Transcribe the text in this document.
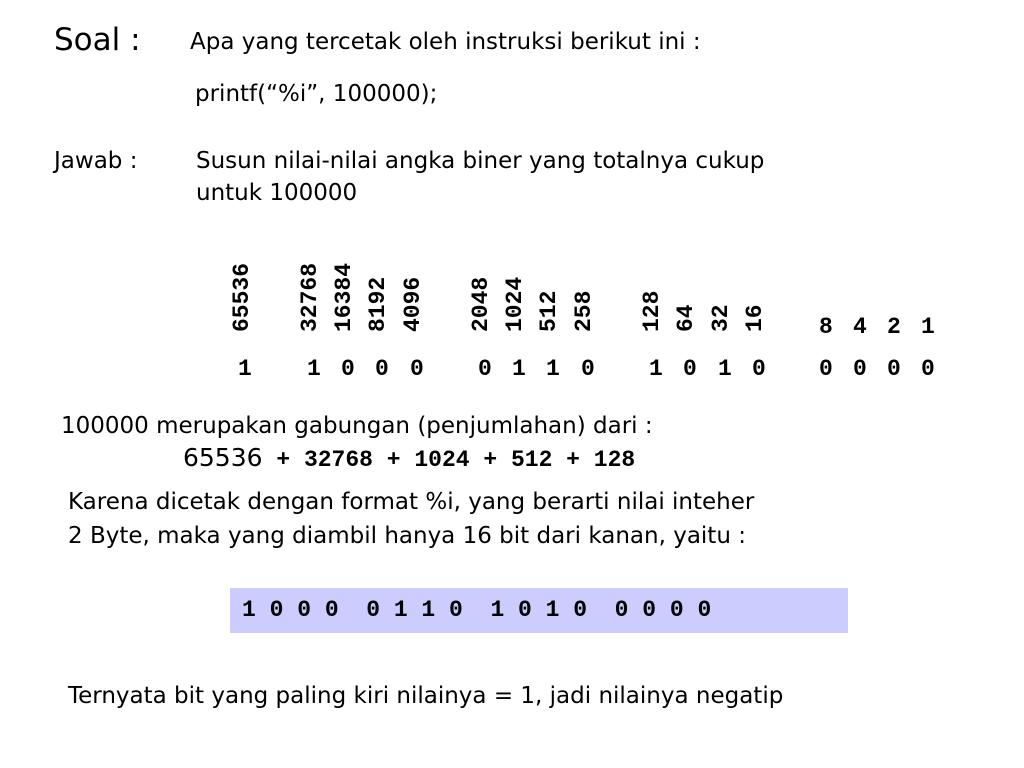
Soal : Apa yang tercetak oleh instruksi berikut ini :
printf(“%i”, 100000);
Jawab :	Susun nilai-nilai angka biner yang totalnya cukup
untuk 100000
65536 32768 16384 8192 4096 2048 1024 512 258 128 64 32 16 8 4 2 1
1 1 0 0 0 0 1 1 0 1 0 1 0 0 0 0 0
100000 merupakan gabungan (penjumlahan) dari :
65536 + 32768 + 1024 + 512 + 128
Karena dicetak dengan format %i, yang berarti nilai inteher
2 Byte, maka yang diambil hanya 16 bit dari kanan, yaitu :
1 0 0 0  0 1 1 0  1 0 1 0  0 0 0 0
Ternyata bit yang paling kiri nilainya = 1, jadi nilainya negatip
